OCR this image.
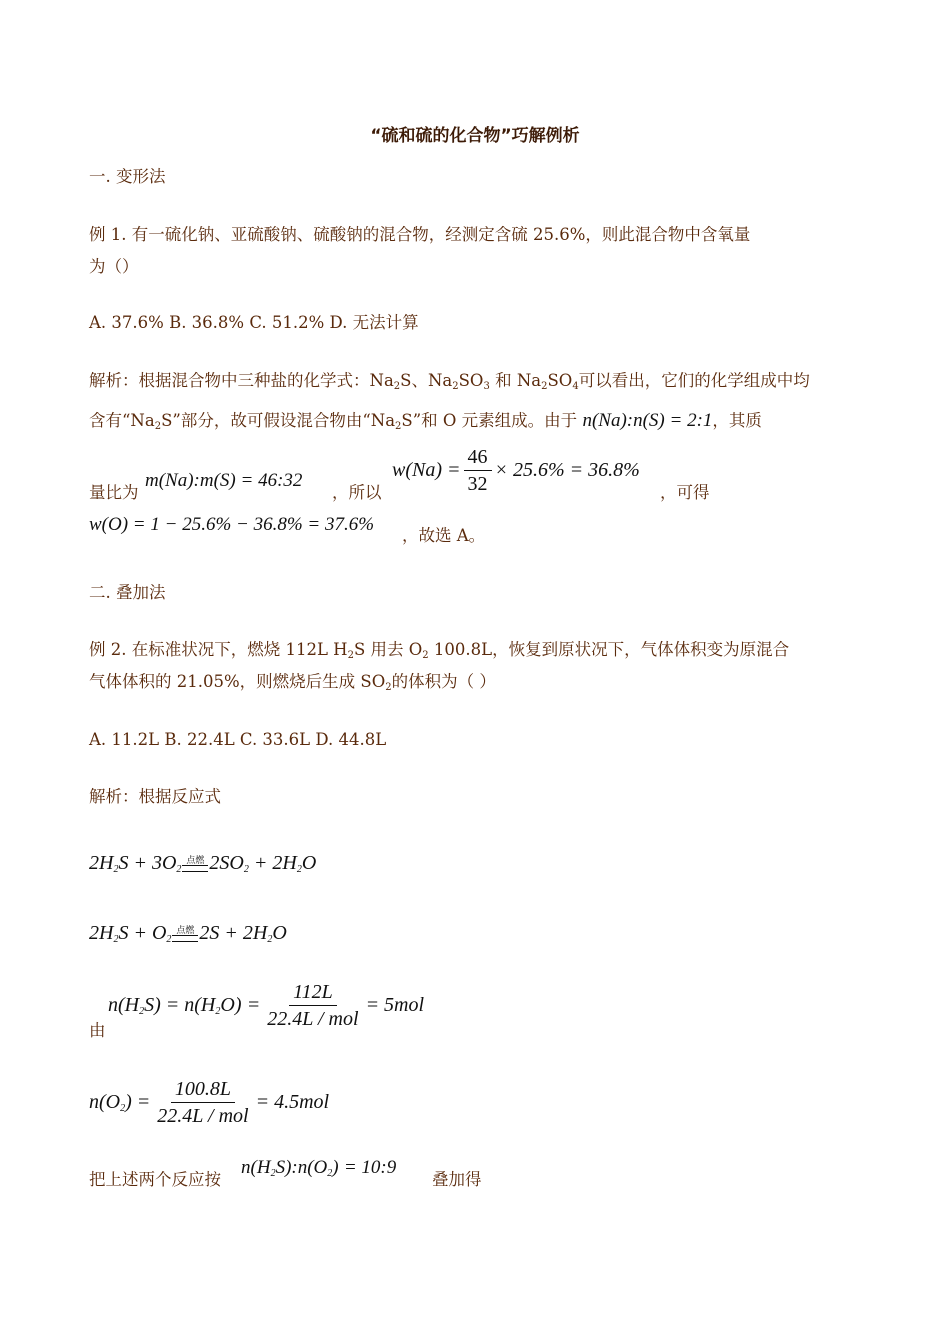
“硫和硫的化合物”巧解例析
一. 变形法
例 1. 有一硫化钠、亚硫酸钠、硫酸钠的混合物，经测定含硫 25.6%，则此混合物中含氧量
为（）
A. 37.6% B. 36.8% C. 51.2% D. 无法计算
解析：根据混合物中三种盐的化学式：$Na_2S$、$Na_2SO_3$ 和 $Na_2SO_4$可以看出，它们的化学组成中均
含有“$Na_2S$”部分，故可假设混合物由“$Na_2S$”和 O 元素组成。由于 n(Na):n(S) = 2:1，其质
量比为
m(Na):m(S) = 46:32
，所以
$w(Na) = \frac{46}{32} \times 25.6\% = 36.8\%$
，可得
w(O) = 1 − 25.6% − 36.8% = 37.6%
，故选 A。
二. 叠加法
例 2. 在标准状况下，燃烧 112L $H_2S$ 用去 $O_2$ 100.8L，恢复到原状况下，气体体积变为原混合
气体体积的 21.05%，则燃烧后生成 $SO_2$的体积为（ ）
A. 11.2L B. 22.4L C. 33.6L D. 44.8L
解析：根据反应式
$2H_2S + 3O_2$
点燃 $2SO_2 + 2H_2O$
$2H_2S + O_2$
点燃 $2S + 2H_2O$
由
$n(H_2S) = n(H_2O)$
= $\frac{112L}{\text{22.4L / mol}} = 5mol$
$n(O_2) = \frac{100.8L}{\text{22.4L / mol}} = 4.5mol$
把上述两个反应按
$n(H_2S):n(O_2)$
= 10:9
叠加得
